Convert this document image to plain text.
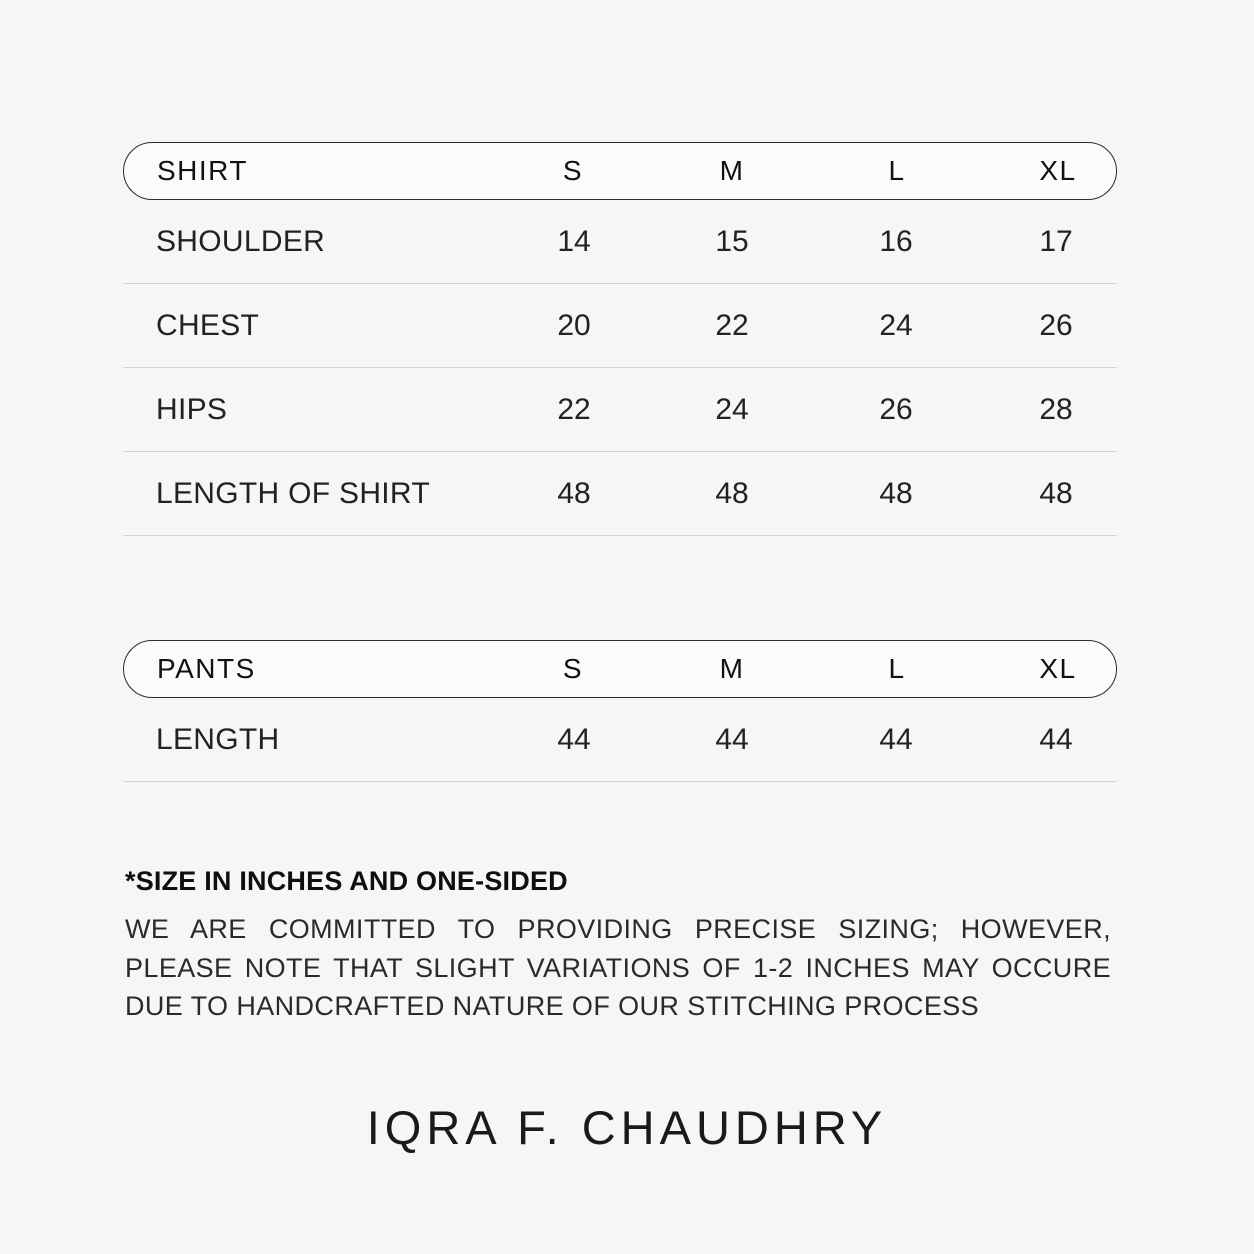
SHIRT	S	M	L	XL
SHOULDER	14	15	16	17
CHEST	20	22	24	26
HIPS	22	24	26	28
LENGTH OF SHIRT	48	48	48	48
PANTS	S	M	L	XL
LENGTH	44	44	44	44
*SIZE IN INCHES AND ONE-SIDED
WE ARE COMMITTED TO PROVIDING PRECISE SIZING; HOWEVER, PLEASE NOTE THAT SLIGHT VARIATIONS OF 1-2 INCHES MAY OCCURE DUE TO HANDCRAFTED NATURE OF OUR STITCHING PROCESS
IQRA F. CHAUDHRY
